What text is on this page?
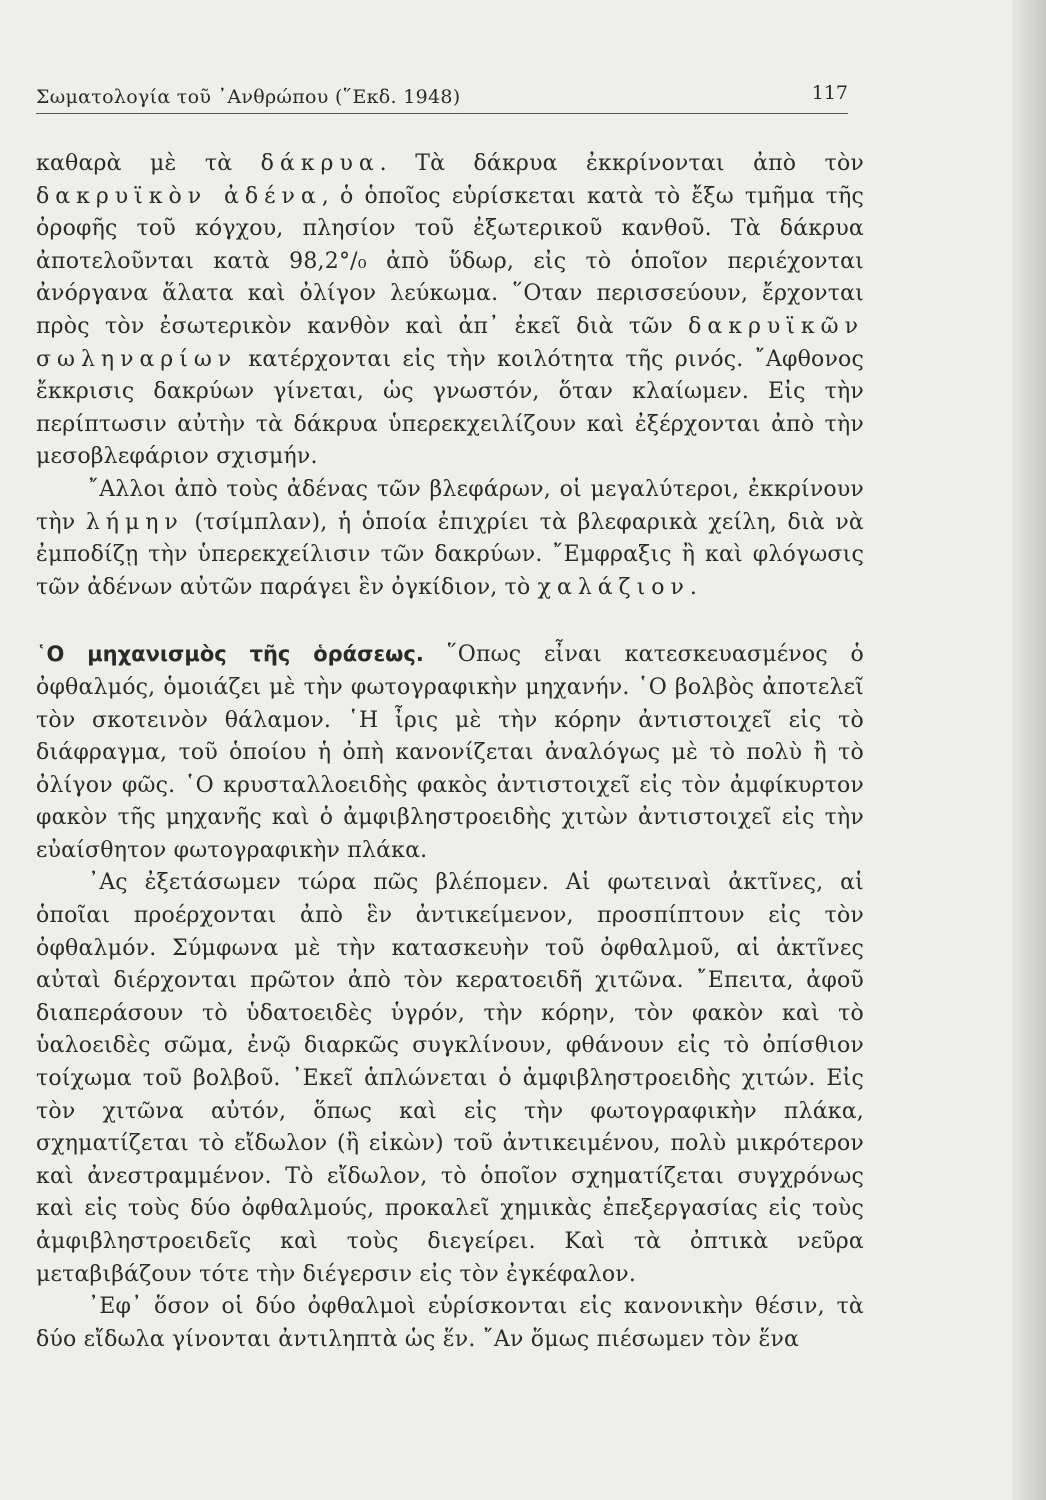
Σωματολογία τοῦ ᾿Ανθρώπου (῞Εκδ. 1948)	117

καθαρὰ μὲ τὰ δάκρυα. Τὰ δάκρυα ἐκκρίνονται ἀπὸ τὸν δακρυϊκὸν ἀδένα, ὁ ὁποῖος εὑρίσκεται κατὰ τὸ ἔξω τμῆμα τῆς ὀροφῆς τοῦ κόγχου, πλησίον τοῦ ἐξωτερικοῦ κανθοῦ. Τὰ δάκρυα ἀποτελοῦνται κατὰ 98,2°/₀ ἀπὸ ὕδωρ, εἰς τὸ ὁποῖον περιέχονται ἀνόργανα ἅλατα καὶ ὀλίγον λεύκωμα. ῞Οταν περισσεύουν, ἔρχονται πρὸς τὸν ἐσωτερικὸν κανθὸν καὶ ἀπ᾿ ἐκεῖ διὰ τῶν δακρυϊκῶν σωληναρίων κατέρχονται εἰς τὴν κοιλότητα τῆς ρινός. ῎Αφθονος ἔκκρισις δακρύων γίνεται, ὡς γνωστόν, ὅταν κλαίωμεν. Εἰς τὴν περίπτωσιν αὐτὴν τὰ δάκρυα ὑπερεκχειλίζουν καὶ ἐξέρχονται ἀπὸ τὴν μεσοβλεφάριον σχισμήν.

῎Αλλοι ἀπὸ τοὺς ἀδένας τῶν βλεφάρων, οἱ μεγαλύτεροι, ἐκκρίνουν τὴν λήμην (τσίμπλαν), ἡ ὁποία ἐπιχρίει τὰ βλεφαρικὰ χείλη, διὰ νὰ ἐμποδίζῃ τὴν ὑπερεκχείλισιν τῶν δακρύων. ῎Εμφραξις ἢ καὶ φλόγωσις τῶν ἀδένων αὐτῶν παράγει ἓν ὀγκίδιον, τὸ χαλάζιον.

῾Ο μηχανισμὸς τῆς ὁράσεως. ῞Οπως εἶναι κατεσκευασμένος ὁ ὀφθαλμός, ὁμοιάζει μὲ τὴν φωτογραφικὴν μηχανήν. ῾Ο βολβὸς ἀποτελεῖ τὸν σκοτεινὸν θάλαμον. ῾Η ἶρις μὲ τὴν κόρην ἀντιστοιχεῖ εἰς τὸ διάφραγμα, τοῦ ὁποίου ἡ ὀπὴ κανονίζεται ἀναλόγως μὲ τὸ πολὺ ἢ τὸ ὀλίγον φῶς. ῾Ο κρυσταλλοειδὴς φακὸς ἀντιστοιχεῖ εἰς τὸν ἀμφίκυρτον φακὸν τῆς μηχανῆς καὶ ὁ ἀμφιβληστροειδὴς χιτὼν ἀντιστοιχεῖ εἰς τὴν εὐαίσθητον φωτογραφικὴν πλάκα.

᾿Ας ἐξετάσωμεν τώρα πῶς βλέπομεν. Αἱ φωτειναὶ ἀκτῖνες, αἱ ὁποῖαι προέρχονται ἀπὸ ἓν ἀντικείμενον, προσπίπτουν εἰς τὸν ὀφθαλμόν. Σύμφωνα μὲ τὴν κατασκευὴν τοῦ ὀφθαλμοῦ, αἱ ἀκτῖνες αὐταὶ διέρχονται πρῶτον ἀπὸ τὸν κερατοειδῆ χιτῶνα. ῎Επειτα, ἀφοῦ διαπεράσουν τὸ ὑδατοειδὲς ὑγρόν, τὴν κόρην, τὸν φακὸν καὶ τὸ ὑαλοειδὲς σῶμα, ἐνῷ διαρκῶς συγκλίνουν, φθάνουν εἰς τὸ ὀπίσθιον τοίχωμα τοῦ βολβοῦ. ᾿Εκεῖ ἁπλώνεται ὁ ἀμφιβληστροειδὴς χιτών. Εἰς τὸν χιτῶνα αὐτόν, ὅπως καὶ εἰς τὴν φωτογραφικὴν πλάκα, σχηματίζεται τὸ εἴδωλον (ἢ εἰκὼν) τοῦ ἀντικειμένου, πολὺ μικρότερον καὶ ἀνεστραμμένον. Τὸ εἴδωλον, τὸ ὁποῖον σχηματίζεται συγχρόνως καὶ εἰς τοὺς δύο ὀφθαλμούς, προκαλεῖ χημικὰς ἐπεξεργασίας εἰς τοὺς ἀμφιβληστροειδεῖς καὶ τοὺς διεγείρει. Καὶ τὰ ὀπτικὰ νεῦρα μεταβιβάζουν τότε τὴν διέγερσιν εἰς τὸν ἐγκέφαλον.

᾿Εφ᾿ ὅσον οἱ δύο ὀφθαλμοὶ εὑρίσκονται εἰς κανονικὴν θέσιν, τὰ δύο εἴδωλα γίνονται ἀντιληπτὰ ὡς ἕν. ῎Αν ὅμως πιέσωμεν τὸν ἕνα
